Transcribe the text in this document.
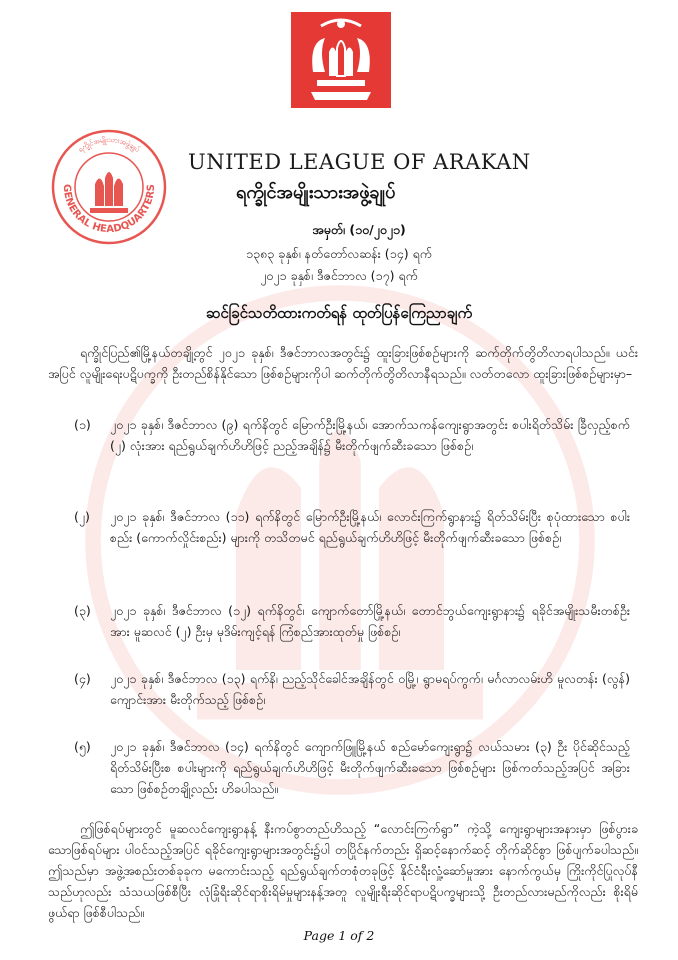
GENERAL HEADQUARTERS
ရက္ခိုင်အမျိုးသားအဖွဲ့ချုပ်
UNITED LEAGUE OF ARAKAN
ရက္ခိုင်အမျိုးသားအဖွဲ့ချုပ်
အမှတ်၊ (၁၀/၂၀၂၁)
၁၃၈၃ ခုနှစ်၊ နတ်တော်လဆန်း (၁၄) ရက်
၂၀၂၁ ခုနှစ်၊ ဒီဇင်ဘာလ (၁၇) ရက်
ဆင်ခြင်သတိထားကတ်ရန် ထုတ်ပြန်ကြေညာချက်

ရက္ခိုင်ပြည်၏မြို့နယ်တချို့တွင် ၂၀၂၁ ခုနှစ်၊ ဒီဇင်ဘာလအတွင်း၌ ထူးခြားဖြစ်စဉ်များကို ဆက်တိုက်တွိတိလာရပါသည်။ ယင်းအပြင် လူမျိုးရေးပဋိပက္ခကို ဦးတည်စိန်နိုင်သော ဖြစ်စဉ်များကိုပါ ဆက်တိုက်တွိတိလာနီရသည်။ လတ်တလော ထူးခြားဖြစ်စဉ်များမှာ–

(၁) ၂၀၂၁ ခုနှစ်၊ ဒီဇင်ဘာလ (၉) ရက်နိတွင် မြောက်ဦးမြို့နယ်၊ အောက်သကန်ကျေးရွာအတွင်း စပါးရိတ်သိမ်း ခြီလှည့်စက် (၂) လုံးအား ရည်ရွယ်ချက်ဟိဟိဖြင့် ညည့်အချိန်၌ မီးတိုက်ဖျက်ဆီးခသော ဖြစ်စဉ်၊

(၂) ၂၀၂၁ ခုနှစ်၊ ဒီဇင်ဘာလ (၁၁) ရက်နိတွင် မြောက်ဦးမြို့နယ်၊ လောင်းကြက်ရွာနား၌ ရိတ်သိမ်းပြီး စုပုံထားသော စပါးစည်း (ကောက်လှိုင်းစည်း) များကို တသိတမင် ရည်ရွယ်ချက်ဟိဟိဖြင့် မီးတိုက်ဖျက်ဆီးခသော ဖြစ်စဉ်၊

(၃) ၂၀၂၁ ခုနှစ်၊ ဒီဇင်ဘာလ (၁၂) ရက်နိတွင်၊ ကျောက်တော်မြို့နယ်၊ တောင်ဘွယ်ကျေးရွာနား၌ ရခိုင်အမျိုးသမီးတစ်ဦးအား မူဆလင် (၂) ဦးမှ မုဒိမ်းကျင့်ရန် ကြံစည်အားထုတ်မှု ဖြစ်စဉ်၊

(၄) ၂၀၂၁ ခုနှစ်၊ ဒီဇင်ဘာလ (၁၃) ရက်နိ၊ ညည့်သိုင်ခေါင်အချိန်တွင် ဝမြို့၊ ရွာမရပ်ကွက်၊ မင်္ဂလာလမ်းဟိ မူလတန်း (လွန်) ကျောင်းအား မီးတိုက်သည့် ဖြစ်စဉ်၊

(၅) ၂၀၂၁ ခုနှစ်၊ ဒီဇင်ဘာလ (၁၄) ရက်နိတွင် ကျောက်ဖြူမြို့နယ် စည်မော်ကျေးရွာ၌ လယ်သမား (၃) ဦး ပိုင်ဆိုင်သည့် ရိတ်သိမ်းပြီးစ စပါးများကို ရည်ရွယ်ချက်ဟိဟိဖြင့် မီးတိုက်ဖျက်ဆီးခသော ဖြစ်စဉ်များ ဖြစ်ကတ်သည့်အပြင် အခြားသော ဖြစ်စဉ်တချို့လည်း ဟိခပါသည်။

ဤဖြစ်ရပ်များတွင် မူဆလင်ကျေးရွာနန့် နီးကပ်စွာတည်ဟိသည့် “လောင်းကြက်ရွာ” ကဲ့သို့ ကျေးရွာများအနားမှာ ဖြစ်ပွားခသောဖြစ်ရပ်များ ပါဝင်သည့်အပြင် ရခိုင်ကျေးရွာများအတွင်း၌ပါ တပြိုင်နက်တည်း ရှိဆင့်နောက်ဆင့် တိုက်ဆိုင်စွာ ဖြစ်ပျက်ခပါသည်။ ဤသည်မှာ အဖွဲ့အစည်းတစ်ခုခုက မကောင်းသည့် ရည်ရွယ်ချက်တစုံတခုဖြင့် နိုင်ငံရီးလှုံ့ဆော်မှုအား နောက်ကွယ်မှ ကြိုးကိုင်ပြုလုပ်နီသည်ဟုလည်း သံသယဖြစ်စီပြီး လုံခြုံရီးဆိုင်ရာစိုးရိမ်မှုများနန့်အတူ လူမျိုးရီးဆိုင်ရာပဋိပက္ခများသို့ ဦးတည်လားမည်ကိုလည်း စိုးရိမ်ဖွယ်ရာ ဖြစ်စီပါသည်။

Page 1 of 2
